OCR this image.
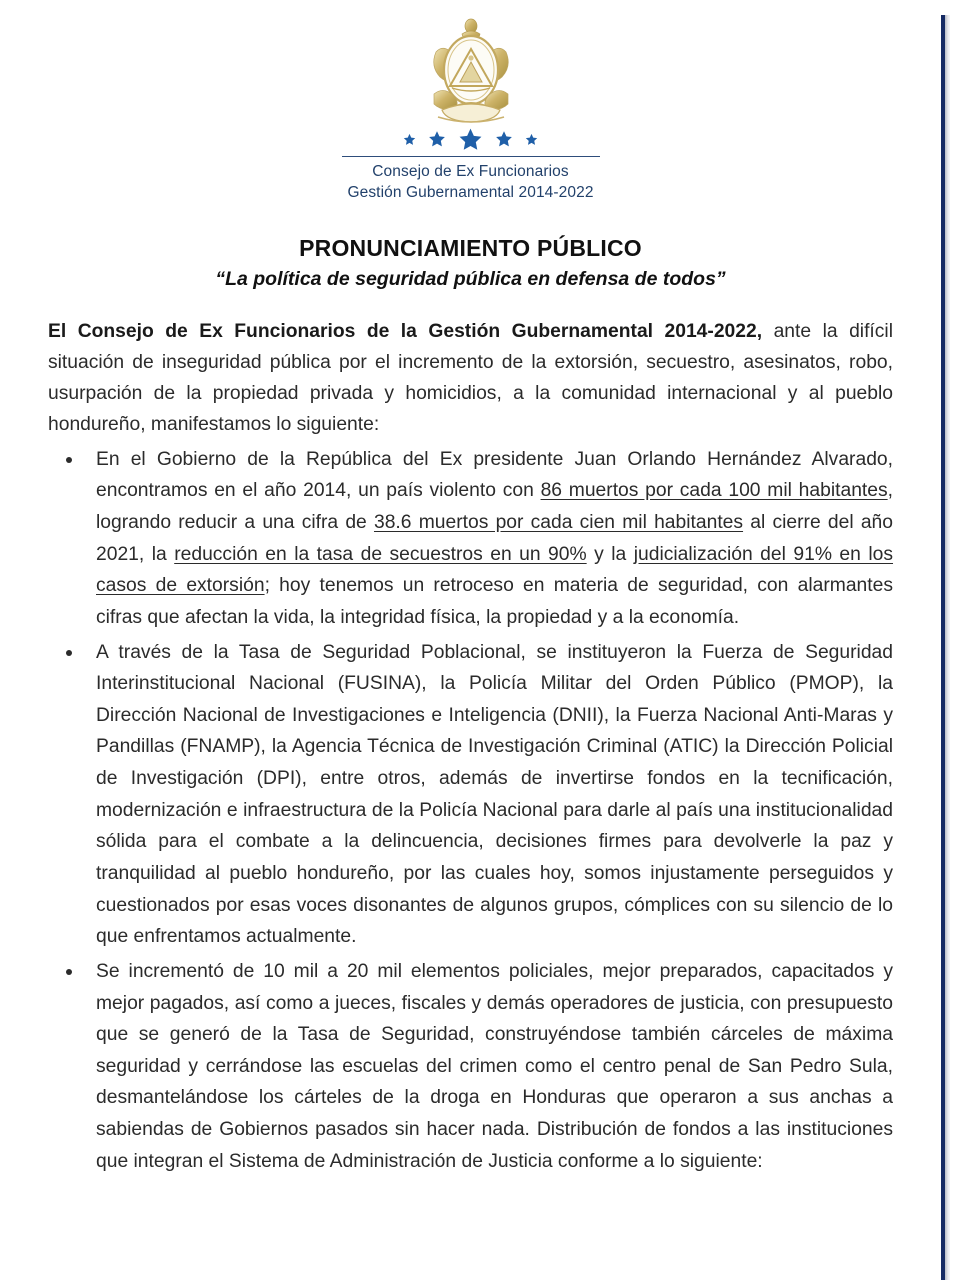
Consejo de Ex Funcionarios
Gestión Gubernamental 2014-2022
PRONUNCIAMIENTO PÚBLICO
“La política de seguridad pública en defensa de todos”

El Consejo de Ex Funcionarios de la Gestión Gubernamental 2014-2022, ante la difícil situación de inseguridad pública por el incremento de la extorsión, secuestro, asesinatos, robo, usurpación de la propiedad privada y homicidios, a la comunidad internacional y al pueblo hondureño, manifestamos lo siguiente:

En el Gobierno de la República del Ex presidente Juan Orlando Hernández Alvarado, encontramos en el año 2014, un país violento con 86 muertos por cada 100 mil habitantes, logrando reducir a una cifra de 38.6 muertos por cada cien mil habitantes al cierre del año 2021, la reducción en la tasa de secuestros en un 90% y la judicialización del 91% en los casos de extorsión; hoy tenemos un retroceso en materia de seguridad, con alarmantes cifras que afectan la vida, la integridad física, la propiedad y a la economía.
A través de la Tasa de Seguridad Poblacional, se instituyeron la Fuerza de Seguridad Interinstitucional Nacional (FUSINA), la Policía Militar del Orden Público (PMOP), la Dirección Nacional de Investigaciones e Inteligencia (DNII), la Fuerza Nacional Anti-Maras y Pandillas (FNAMP), la Agencia Técnica de Investigación Criminal (ATIC) la Dirección Policial de Investigación (DPI), entre otros, además de invertirse fondos en la tecnificación, modernización e infraestructura de la Policía Nacional para darle al país una institucionalidad sólida para el combate a la delincuencia, decisiones firmes para devolverle la paz y tranquilidad al pueblo hondureño, por las cuales hoy, somos injustamente perseguidos y cuestionados por esas voces disonantes de algunos grupos, cómplices con su silencio de lo que enfrentamos actualmente.
Se incrementó de 10 mil a 20 mil elementos policiales, mejor preparados, capacitados y mejor pagados, así como a jueces, fiscales y demás operadores de justicia, con presupuesto que se generó de la Tasa de Seguridad, construyéndose también cárceles de máxima seguridad y cerrándose las escuelas del crimen como el centro penal de San Pedro Sula, desmantelándose los cárteles de la droga en Honduras que operaron a sus anchas a sabiendas de Gobiernos pasados sin hacer nada. Distribución de fondos a las instituciones que integran el Sistema de Administración de Justicia conforme a lo siguiente:
